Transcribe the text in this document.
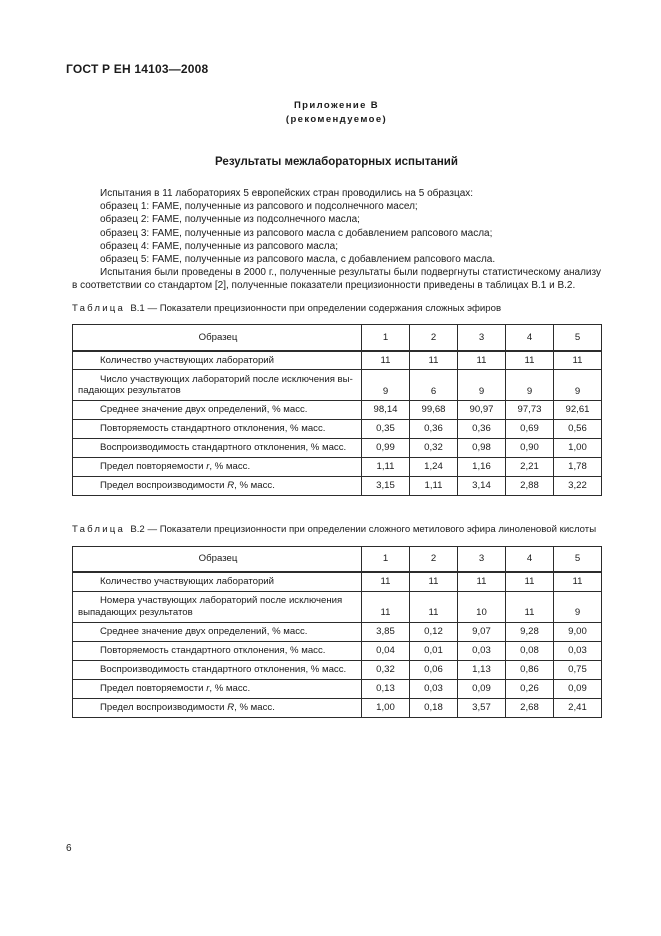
ГОСТ Р ЕН 14103—2008
Приложение В
(рекомендуемое)
Результаты межлабораторных испытаний
Испытания в 11 лабораториях 5 европейских стран проводились на 5 образцах:
образец 1: FAME, полученные из рапсового и подсолнечного масел;
образец 2: FAME, полученные из подсолнечного масла;
образец 3: FAME, полученные из рапсового масла с добавлением рапсового масла;
образец 4: FAME, полученные из рапсового масла;
образец 5: FAME, полученные из рапсового масла, с добавлением рапсового масла.
Испытания были проведены в 2000 г., полученные результаты были подвергнуты статистическому анализу в соответствии со стандартом [2], полученные показатели прецизионности приведены в таблицах В.1 и В.2.

Таблица В.1 — Показатели прецизионности при определении содержания сложных эфиров

Образец	1	2	3	4	5
Количество участвующих лабораторий	11	11	11	11	11
Число участвующих лабораторий после исключения выпадающих результатов	9	6	9	9	9
Среднее значение двух определений, % масс.	98,14	99,68	90,97	97,73	92,61
Повторяемость стандартного отклонения, % масс.	0,35	0,36	0,36	0,69	0,56
Воспроизводимость стандартного отклонения, % масс.	0,99	0,32	0,98	0,90	1,00
Предел повторяемости r, % масс.	1,11	1,24	1,16	2,21	1,78
Предел воспроизводимости R, % масс.	3,15	1,11	3,14	2,88	3,22

Таблица В.2 — Показатели прецизионности при определении сложного метилового эфира линоленовой кислоты

Образец	1	2	3	4	5
Количество участвующих лабораторий	11	11	11	11	11
Номера участвующих лабораторий после исключения выпадающих результатов	11	11	10	11	9
Среднее значение двух определений, % масс.	3,85	0,12	9,07	9,28	9,00
Повторяемость стандартного отклонения, % масс.	0,04	0,01	0,03	0,08	0,03
Воспроизводимость стандартного отклонения, % масс.	0,32	0,06	1,13	0,86	0,75
Предел повторяемости r, % масс.	0,13	0,03	0,09	0,26	0,09
Предел воспроизводимости R, % масс.	1,00	0,18	3,57	2,68	2,41
6
